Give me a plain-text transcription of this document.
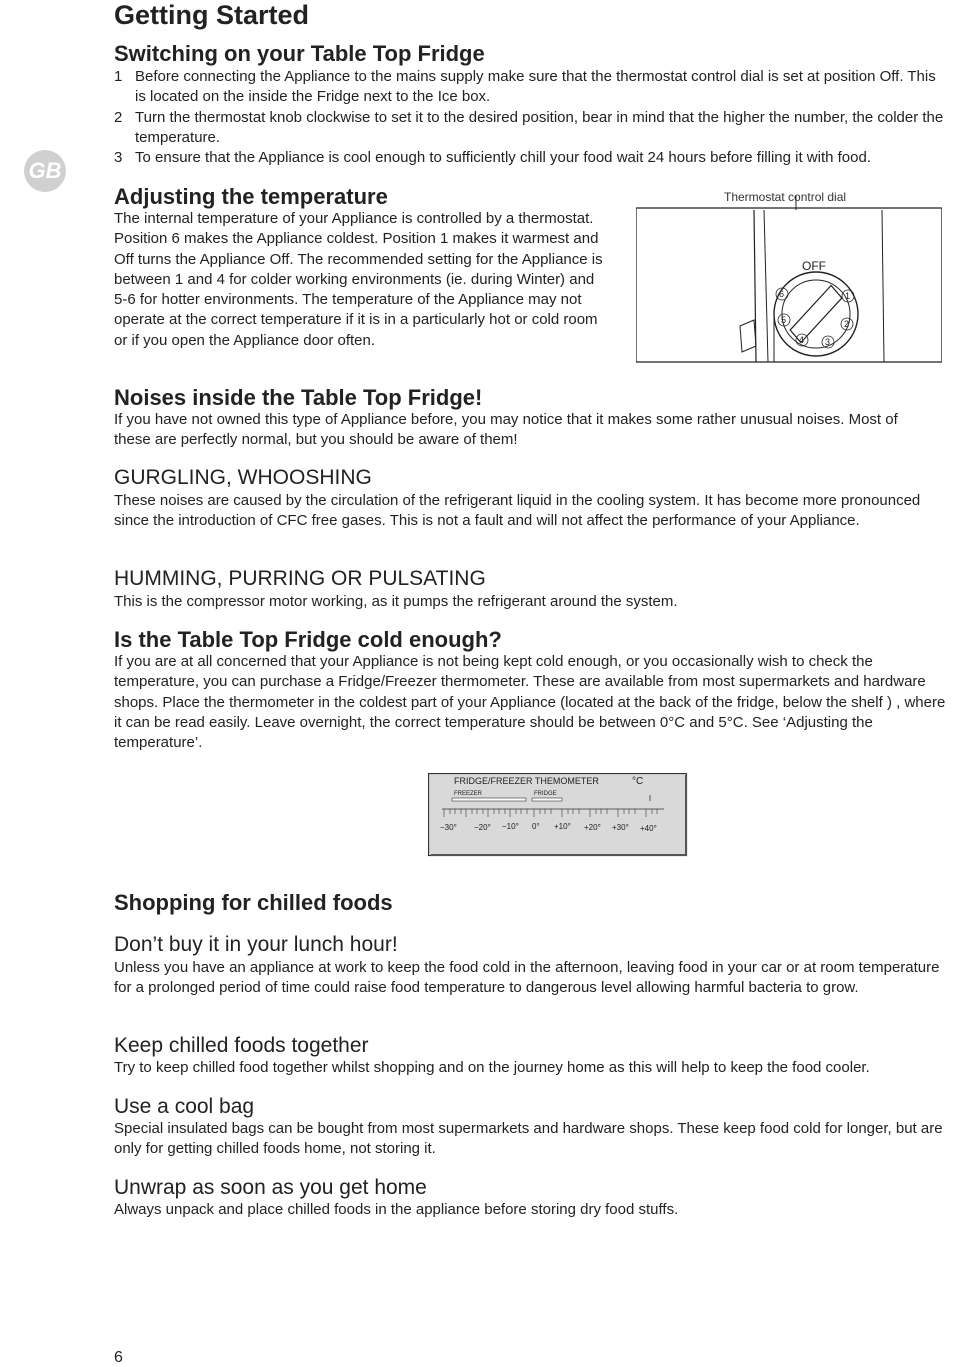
GB
Getting Started
Switching on your Table Top Fridge
1 Before connecting the Appliance to the mains supply make sure that the thermostat control dial is set at position Off. This is located on the inside the Fridge next to the Ice box.
2 Turn the thermostat knob clockwise to set it to the desired position, bear in mind that the higher the number, the colder the temperature.
3 To ensure that the Appliance is cool enough to sufficiently chill your food wait 24 hours before filling it with food.
Adjusting the temperature
The internal temperature of your Appliance is controlled by a thermostat. Position 6 makes the Appliance coldest. Position 1 makes it warmest and Off turns the Appliance Off. The recommended setting for the Appliance is between 1 and 4 for colder working environments (ie. during Winter) and 5-6 for hotter environments. The temperature of the Appliance may not operate at the correct temperature if it is in a particularly hot or cold room or if you open the Appliance door often.
Thermostat control dial
OFF
1
2
3
4
5
6
Noises inside the Table Top Fridge!
If you have not owned this type of Appliance before, you may notice that it makes some rather unusual noises. Most of these are perfectly normal, but you should be aware of them!
GURGLING, WHOOSHING
These noises are caused by the circulation of the refrigerant liquid in the cooling system. It has become more pronounced since the introduction of CFC free gases. This is not a fault and will not affect the performance of your Appliance.
HUMMING, PURRING OR PULSATING
This is the compressor motor working, as it pumps the refrigerant around the system.
Is the Table Top Fridge cold enough?
If you are at all concerned that your Appliance is not being kept cold enough, or you occasionally wish to check the temperature, you can purchase a Fridge/Freezer thermometer. These are available from most supermarkets and hardware shops. Place the thermometer in the coldest part of your Appliance (located at the back of the fridge, below the shelf ) , where it can be read easily. Leave overnight, the correct temperature should be between 0°C and 5°C. See ‘Adjusting the temperature’.
FRIDGE/FREEZER THEMOMETER	°C
FREEZER	FRIDGE
−30° −20° −10° 0° +10° +20° +30° +40°
Shopping for chilled foods
Don’t buy it in your lunch hour!
Unless you have an appliance at work to keep the food cold in the afternoon, leaving food in your car or at room temperature for a prolonged period of time could raise food temperature to dangerous level allowing harmful bacteria to grow.
Keep chilled foods together
Try to keep chilled food together whilst shopping and on the journey home as this will help to keep the food cooler.
Use a cool bag
Special insulated bags can be bought from most supermarkets and hardware shops. These keep food cold for longer, but are only for getting chilled foods home, not storing it.
Unwrap as soon as you get home
Always unpack and place chilled foods in the appliance before storing dry food stuffs.
6
